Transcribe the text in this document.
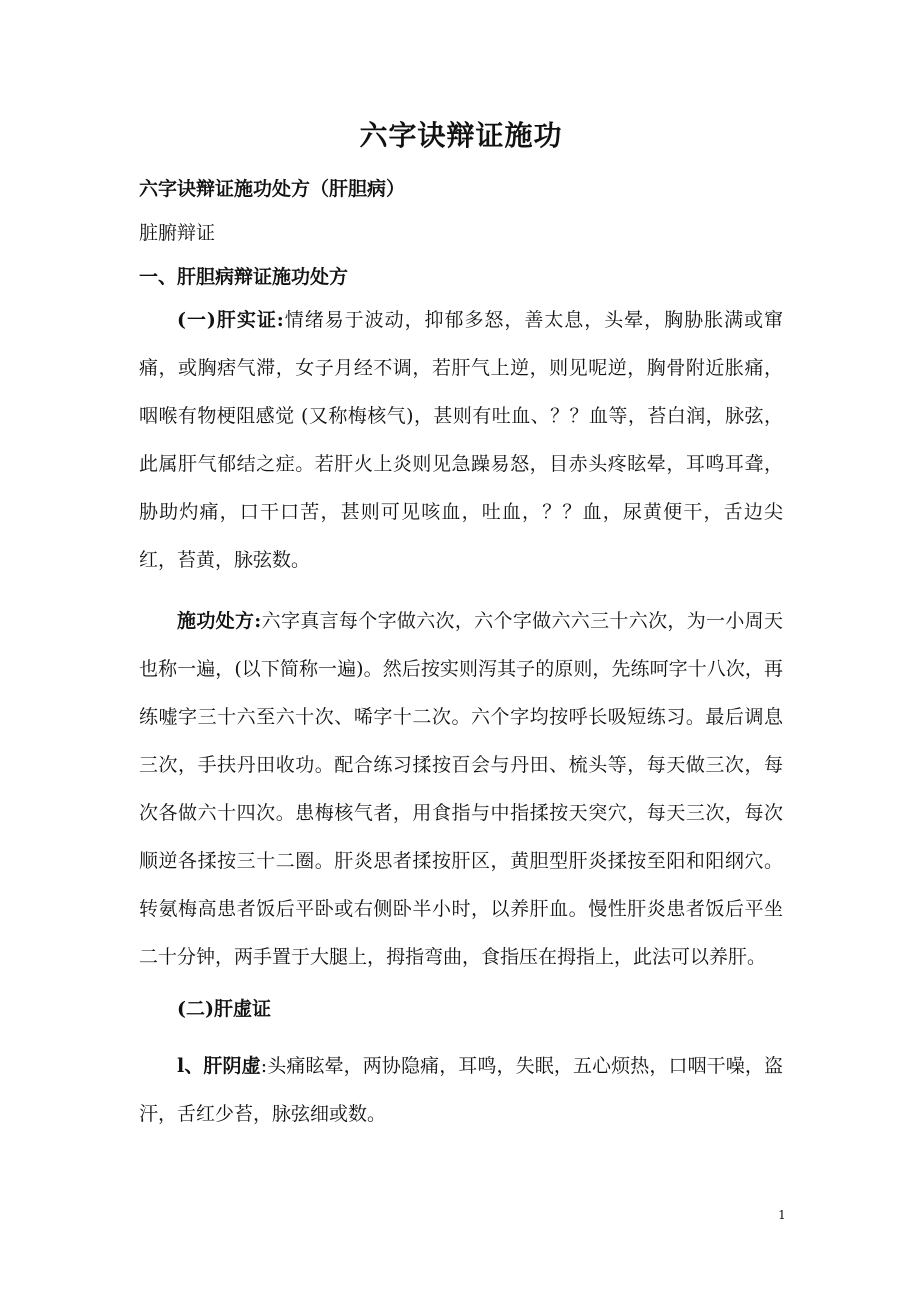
六字诀辩证施功
六字诀辩证施功处方（肝胆病）
脏腑辩证
一、肝胆病辩证施功处方

(一)肝实证:情绪易于波动，抑郁多怒，善太息，头晕，胸胁胀满或窜痛，或胸痞气滞，女子月经不调，若肝气上逆，则见呢逆，胸骨附近胀痛，咽喉有物梗阻感觉 (又称梅核气)，甚则有吐血、？？血等，苔白润，脉弦，此属肝气郁结之症。若肝火上炎则见急躁易怒，目赤头疼眩晕，耳鸣耳聋，胁助灼痛，口干口苦，甚则可见咳血，吐血，？？血，尿黄便干，舌边尖红，苔黄，脉弦数。

施功处方:六字真言每个字做六次，六个字做六六三十六次，为一小周天也称一遍，(以下简称一遍)。然后按实则泻其子的原则，先练呵字十八次，再练嘘字三十六至六十次、唏字十二次。六个字均按呼长吸短练习。最后调息三次，手扶丹田收功。配合练习揉按百会与丹田、梳头等，每天做三次，每次各做六十四次。患梅核气者，用食指与中指揉按天突穴，每天三次，每次顺逆各揉按三十二圈。肝炎思者揉按肝区，黄胆型肝炎揉按至阳和阳纲穴。转氨梅高患者饭后平卧或右侧卧半小时，以养肝血。慢性肝炎患者饭后平坐二十分钟，两手置于大腿上，拇指弯曲，食指压在拇指上，此法可以养肝。

(二)肝虚证

l、肝阴虚:头痛眩晕，两协隐痛，耳鸣，失眠，五心烦热，口咽干噪，盗汗，舌红少苔，脉弦细或数。

1
